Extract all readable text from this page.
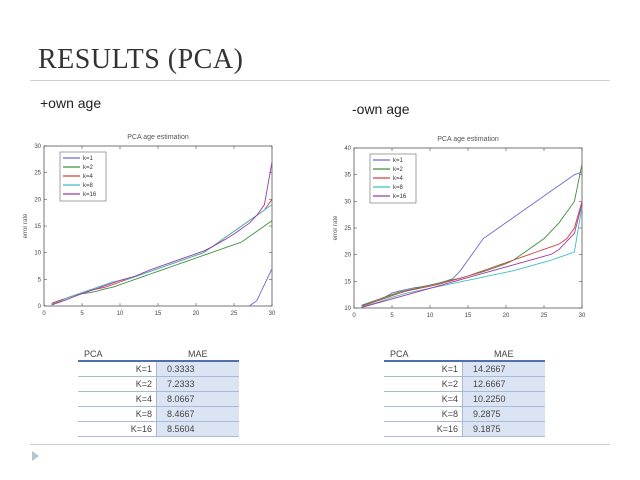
RESULTS (PCA)
+own age	-own age
PCA age estimation
error rate
0	5	10	15	20	25	30
0
5
10
15
20
25
30
k=1
k=2
k=4
k=8
k=16
PCA age estimation
error rate
0	5	10	15	20	25	30
10
15
20
25
30
35
40
k=1
k=2
k=4
k=8
k=16
PCA	MAE
K=1	0.3333
K=2	7.2333
K=4	8.0667
K=8	8.4667
K=16	8.5604
PCA	MAE
K=1	14.2667
K=2	12.6667
K=4	10.2250
K=8	9.2875
K=16	9.1875
